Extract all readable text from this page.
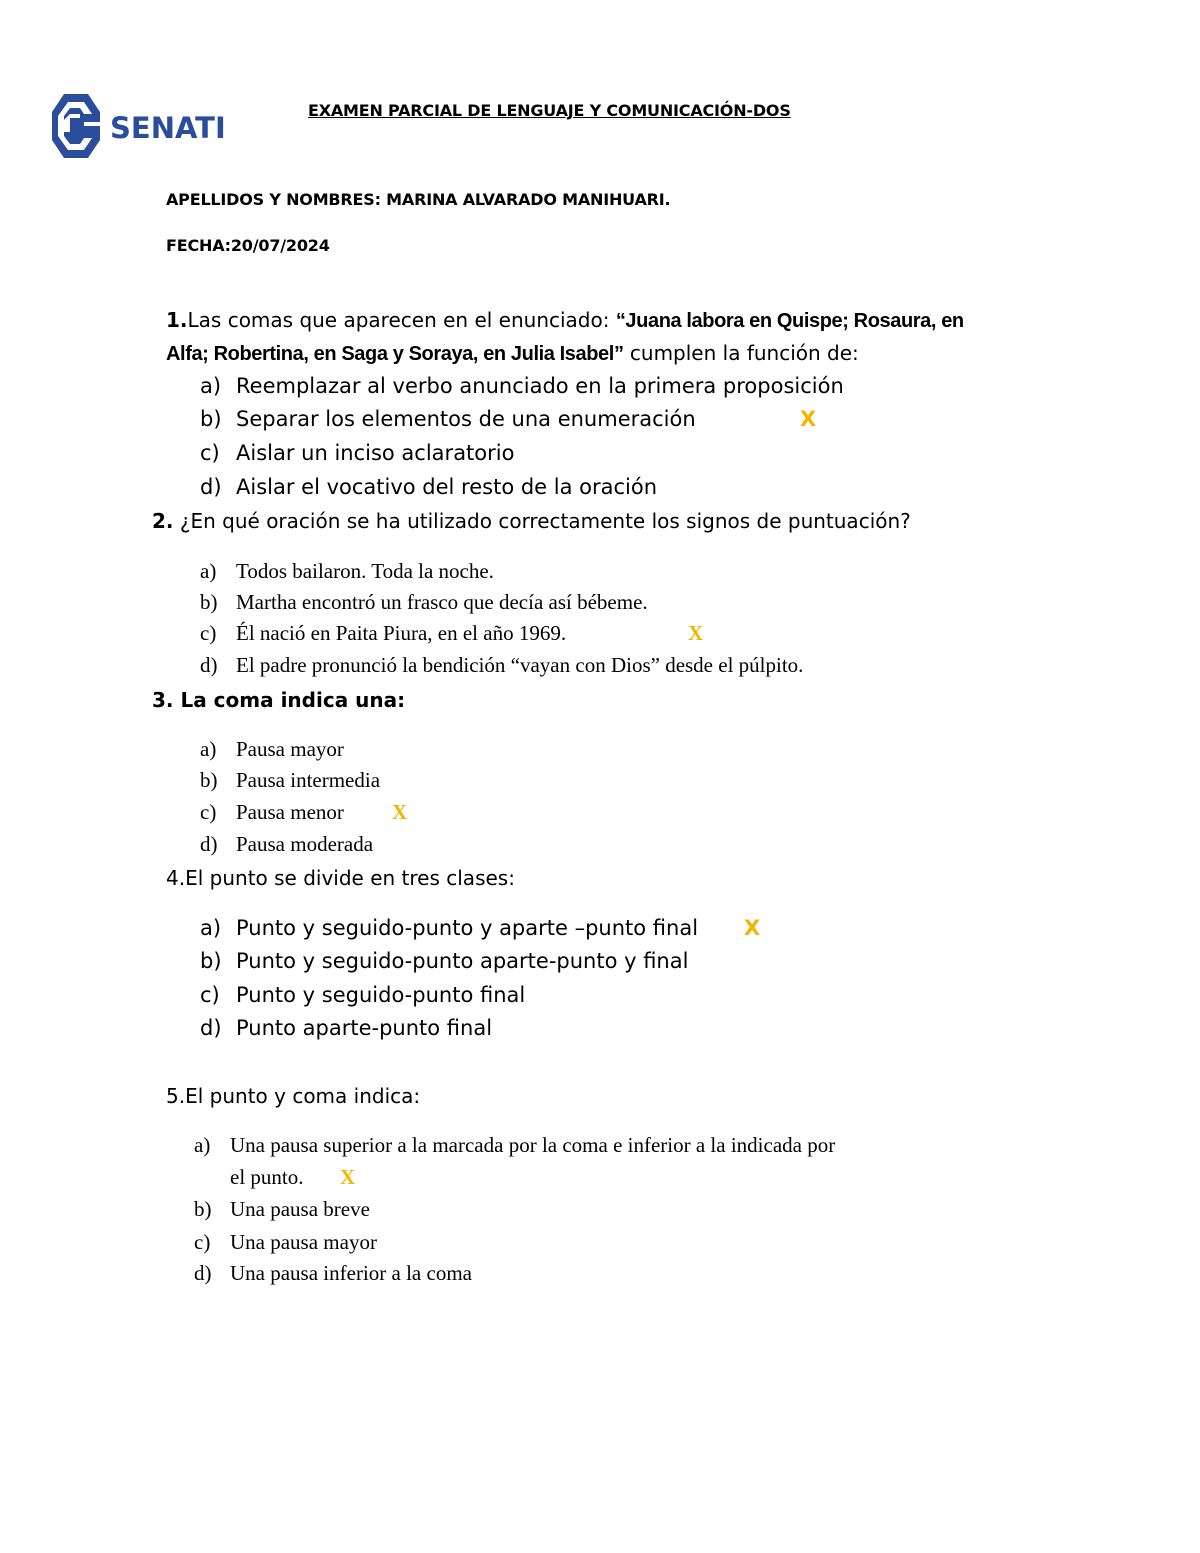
SENATI
EXAMEN PARCIAL DE LENGUAJE Y COMUNICACIÓN-DOS
APELLIDOS Y NOMBRES: MARINA ALVARADO MANIHUARI.
FECHA:20/07/2024
1.Las comas que aparecen en el enunciado: “Juana labora en Quispe; Rosaura, en
Alfa; Robertina, en Saga y Soraya, en Julia Isabel” cumplen la función de:
a) Reemplazar al verbo anunciado en la primera proposición
b) Separar los elementos de una enumeración	X
c) Aislar un inciso aclaratorio
d) Aislar el vocativo del resto de la oración
2. ¿En qué oración se ha utilizado correctamente los signos de puntuación?
a) Todos bailaron. Toda la noche.
b) Martha encontró un frasco que decía así bébeme.
c) Él nació en Paita Piura, en el año 1969.	X
d) El padre pronunció la bendición “vayan con Dios” desde el púlpito.
3. La coma indica una:
a) Pausa mayor
b) Pausa intermedia
c) Pausa menor X
d) Pausa moderada
4.El punto se divide en tres clases:
a) Punto y seguido-punto y aparte –punto final X
b) Punto y seguido-punto aparte-punto y final
c) Punto y seguido-punto final
d) Punto aparte-punto final
5.El punto y coma indica:
a) Una pausa superior a la marcada por la coma e inferior a la indicada por
el punto. X
b) Una pausa breve
c) Una pausa mayor
d) Una pausa inferior a la coma
